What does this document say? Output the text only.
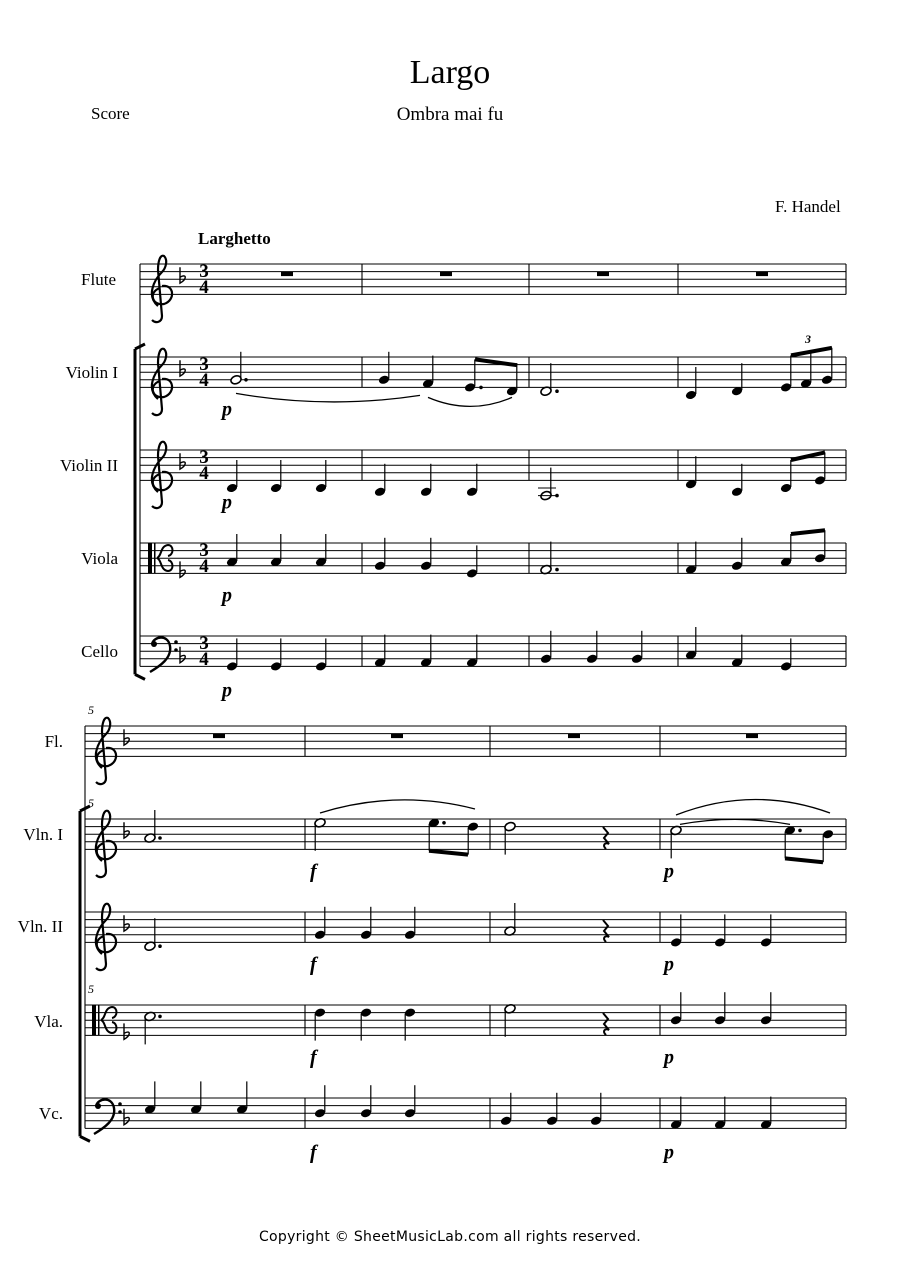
Largo
Ombra mai fu
Score
F. Handel
Larghetto
Flute
Violin I
Violin II
Viola
Cello
Fl.
Vln. I
Vln. II
Vla.
Vc.
3
4
3
4
3
4
3
4
3
4
3
p
p
p
p
5
5
5
f	p
f	p
f	p
f	p
Copyright © SheetMusicLab.com all rights reserved.
